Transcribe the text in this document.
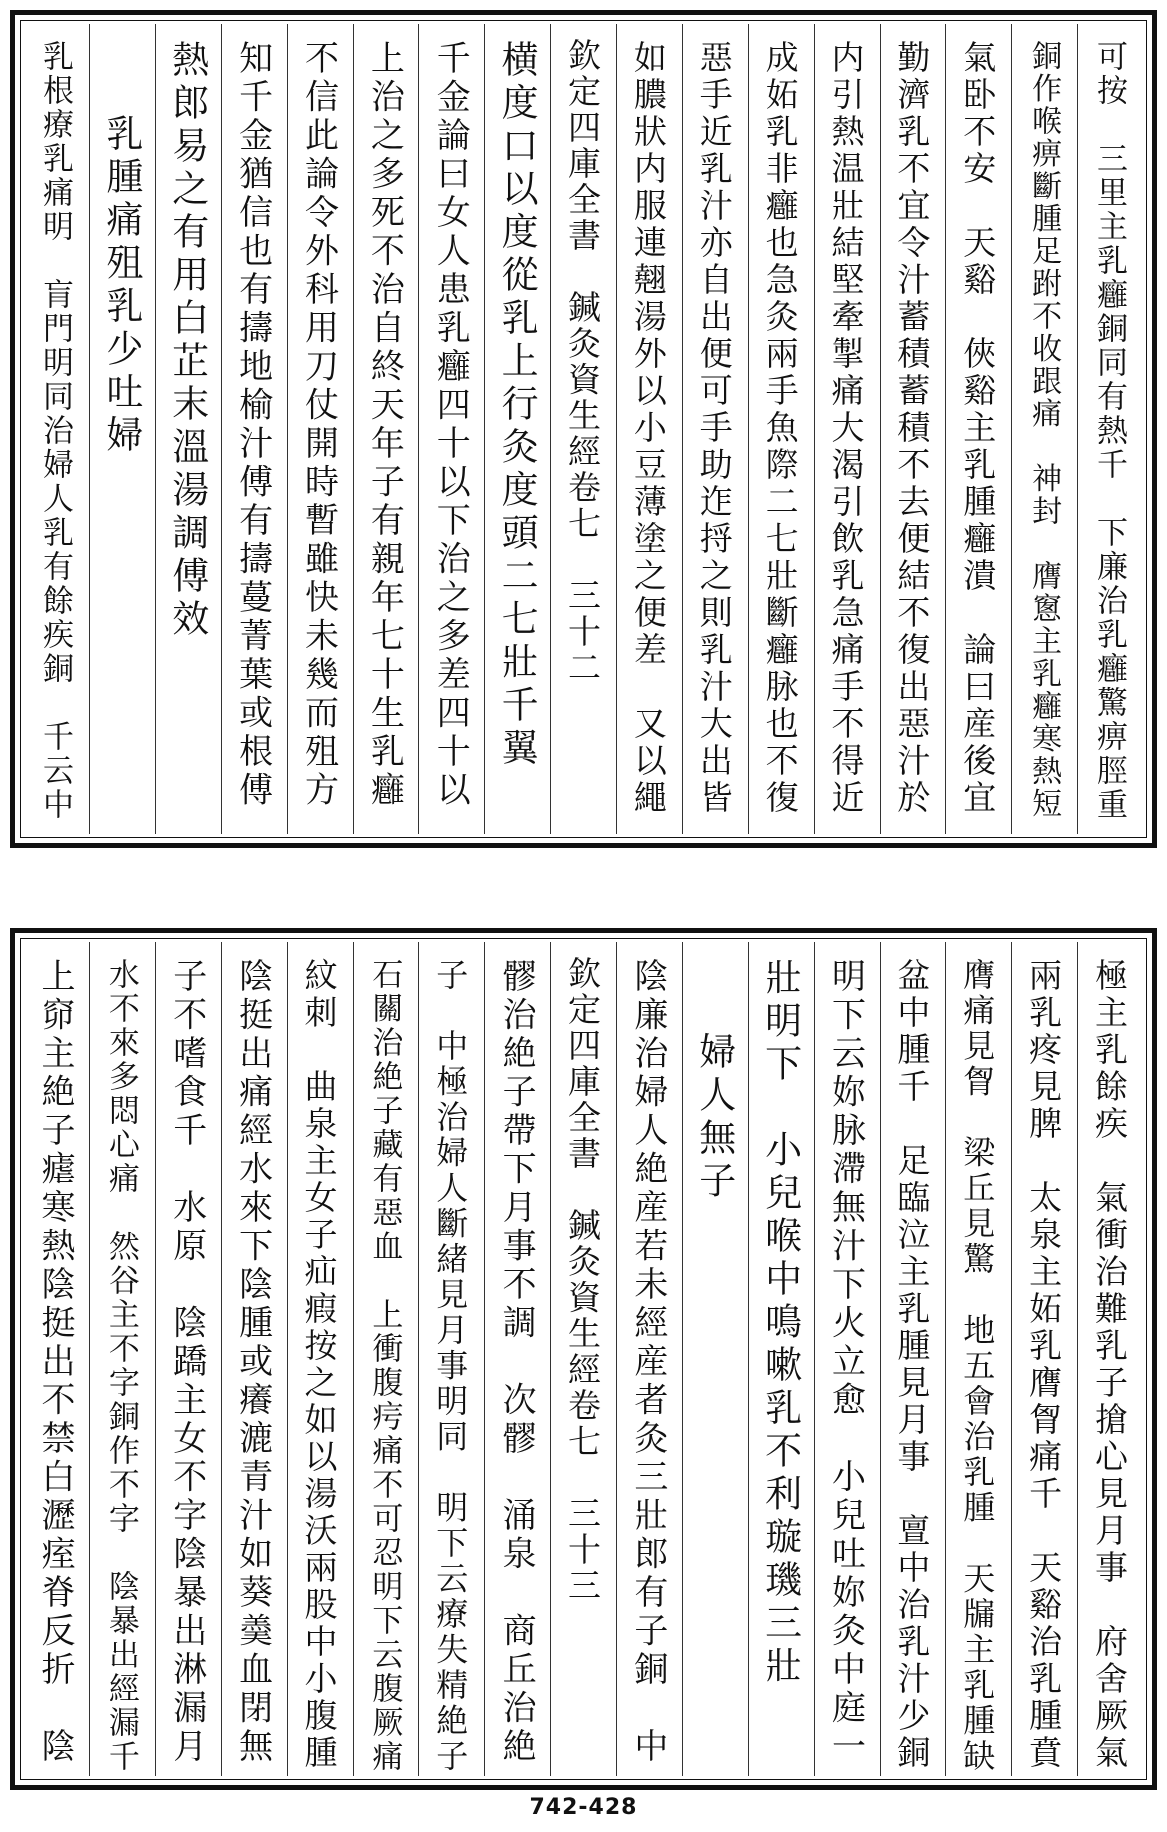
可按　三里主乳癰銅同有熱千　下廉治乳癰驚痹脛重
銅作喉痹斷腫足跗不收跟痛　神封　膺窻主乳癰寒熱短
氣卧不安　天谿　俠谿主乳腫癰潰　論曰産後宜
勤濟乳不宜令汁蓄積蓄積不去便結不復出惡汁於
内引熱温壯結堅牽掣痛大渴引飲乳急痛手不得近
成妬乳非癰也急灸兩手魚際二七壯斷癰脉也不復
惡手近乳汁亦自出便可手助迮捋之則乳汁大出皆
如膿狀内服連翹湯外以小豆薄塗之便差　又以繩
欽定四庫全書　鍼灸資生經卷七　三十二
横度口以度從乳上行灸度頭二七壯千翼
千金論曰女人患乳癰四十以下治之多差四十以
上治之多死不治自終天年子有親年七十生乳癰
不信此論令外科用刀仗開時暫雖快未幾而殂方
知千金猶信也有擣地榆汁傅有擣蔓菁葉或根傅
熱郎易之有用白芷末溫湯調傅效
乳腫痛殂乳少吐婦
乳根療乳痛明　肓門明同治婦人乳有餘疾銅　千云中
極主乳餘疾　氣衝治難乳子搶心見月事　府舍厥氣
兩乳疼見脾　太泉主妬乳膺胷痛千　天谿治乳腫賁
膺痛見胷　梁丘見驚　地五會治乳腫　天牖主乳腫缺
盆中腫千　足臨泣主乳腫見月事　亶中治乳汁少銅
明下云妳脉滯無汁下火立愈　小兒吐妳灸中庭一
壯明下　小兒喉中鳴嗽乳不利璇璣三壯
婦人無子
陰廉治婦人絶産若未經産者灸三壯郎有子銅　中
欽定四庫全書　鍼灸資生經卷七　三十三
髎治絶子帶下月事不調　次髎　涌泉　商丘治絶
子　中極治婦人斷緒見月事明同　明下云療失精絶子
石關治絶子藏有惡血　上衝腹疞痛不可忍明下云腹厥痛
紋刺　曲泉主女子疝瘕按之如以湯沃兩股中小腹腫
陰挺出痛經水來下陰腫或癢漉青汁如葵羮血閉無
子不嗜食千　水原　陰蹻主女不字陰暴出淋漏月
水不來多悶心痛　然谷主不字銅作不字　陰暴出經漏千
上窌主絶子瘧寒熱陰挺出不禁白瀝痓脊反折　陰
742-428
